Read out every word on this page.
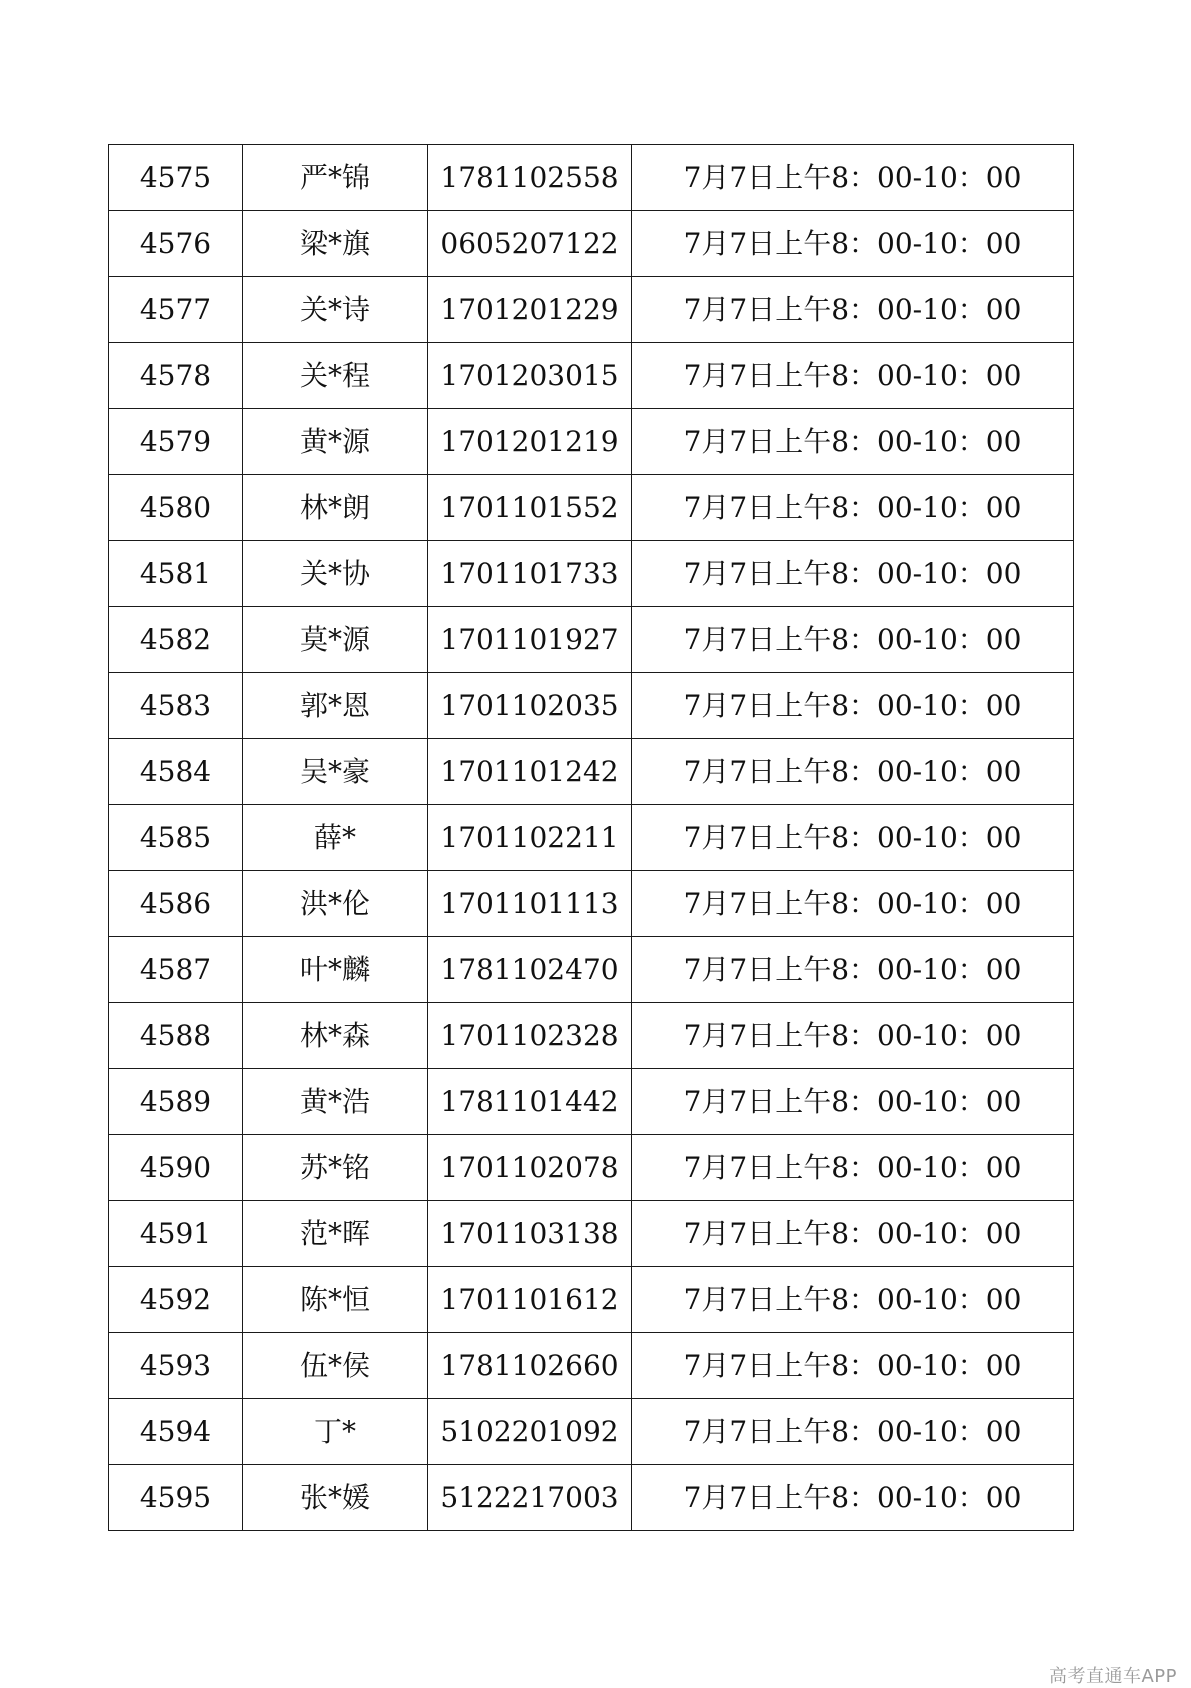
4575	严*锦	1781102558	7月7日上午8：00-10：00
4576	梁*旗	0605207122	7月7日上午8：00-10：00
4577	关*诗	1701201229	7月7日上午8：00-10：00
4578	关*程	1701203015	7月7日上午8：00-10：00
4579	黄*源	1701201219	7月7日上午8：00-10：00
4580	林*朗	1701101552	7月7日上午8：00-10：00
4581	关*协	1701101733	7月7日上午8：00-10：00
4582	莫*源	1701101927	7月7日上午8：00-10：00
4583	郭*恩	1701102035	7月7日上午8：00-10：00
4584	吴*豪	1701101242	7月7日上午8：00-10：00
4585	薛*	1701102211	7月7日上午8：00-10：00
4586	洪*伦	1701101113	7月7日上午8：00-10：00
4587	叶*麟	1781102470	7月7日上午8：00-10：00
4588	林*森	1701102328	7月7日上午8：00-10：00
4589	黄*浩	1781101442	7月7日上午8：00-10：00
4590	苏*铭	1701102078	7月7日上午8：00-10：00
4591	范*晖	1701103138	7月7日上午8：00-10：00
4592	陈*恒	1701101612	7月7日上午8：00-10：00
4593	伍*侯	1781102660	7月7日上午8：00-10：00
4594	丁*	5102201092	7月7日上午8：00-10：00
4595	张*媛	5122217003	7月7日上午8：00-10：00
高考直通车APP
